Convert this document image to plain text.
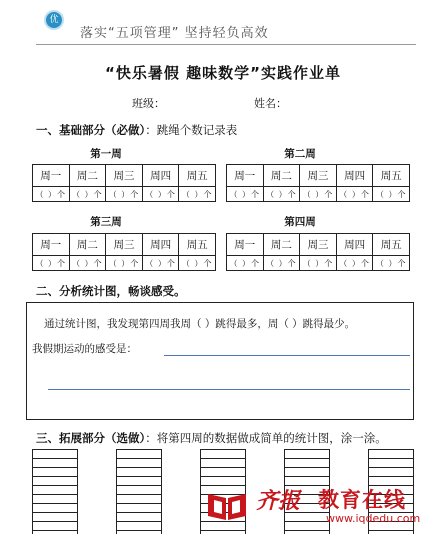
优
落实“五项管理” 坚持轻负高效
“快乐暑假 趣味数学”实践作业单
班级：	姓名：
一、基础部分（必做）：跳绳个数记录表
第一周	第二周
第三周	第四周
周一	周二	周三	周四	周五
（ ）个	（ ）个	（ ）个	（ ）个	（ ）个
周一	周二	周三	周四	周五
（ ）个	（ ）个	（ ）个	（ ）个	（ ）个
周一	周二	周三	周四	周五
（ ）个	（ ）个	（ ）个	（ ）个	（ ）个
周一	周二	周三	周四	周五
（ ）个	（ ）个	（ ）个	（ ）个	（ ）个
二、分析统计图，畅谈感受。
通过统计图，我发现第四周我周（ ）跳得最多，周（ ）跳得最少。
我假期运动的感受是：
三、拓展部分（选做）：将第四周的数据做成简单的统计图，涂一涂。
齐报 教育在线
www.iqdedu.com
